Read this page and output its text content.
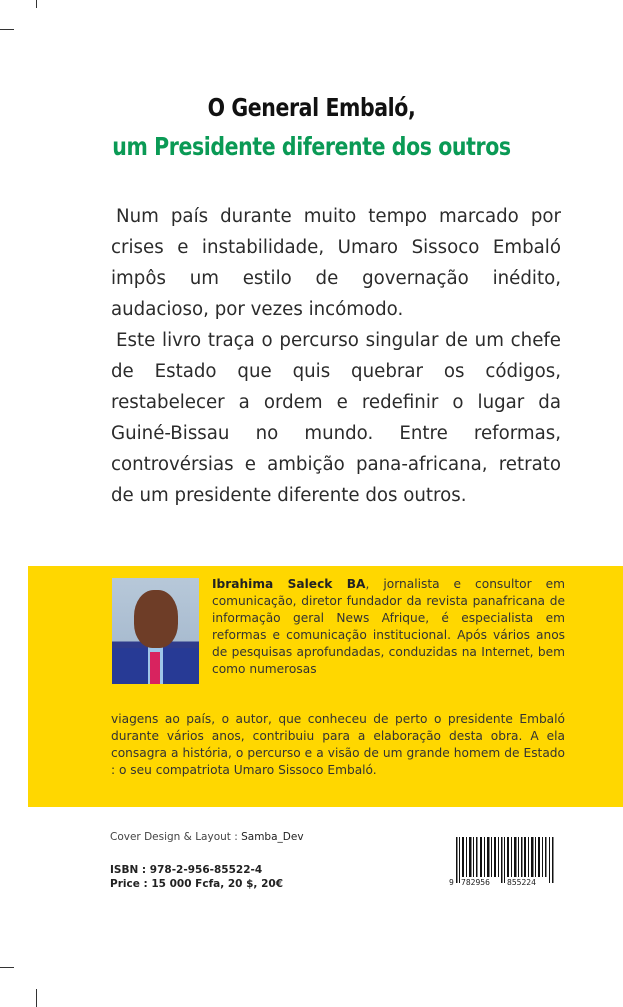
O General Embaló,
um Presidente diferente dos outros

Num país durante muito tempo marcado por crises e instabilidade, Umaro Sissoco Embaló impôs um estilo de governação inédito, audacioso, por vezes incómodo.

Este livro traça o percurso singular de um chefe de Estado que quis quebrar os códigos, restabelecer a ordem e redefinir o lugar da Guiné-Bissau no mundo. Entre reformas, controvérsias e ambição pana-africana, retrato de um presidente diferente dos outros.

Ibrahima Saleck BA, jornalista e consultor em comunicação, diretor fundador da revista panafricana de informação geral News Afrique, é especialista em reformas e comunicação institucional. Após vários anos de pesquisas aprofundadas, conduzidas na Internet, bem como numerosas
viagens ao país, o autor, que conheceu de perto o presidente Embaló durante vários anos, contribuiu para a elaboração desta obra. A ela consagra a história, o percurso e a visão de um grande homem de Estado : o seu compatriota Umaro Sissoco Embaló.
Cover Design & Layout : Samba_Dev
ISBN : 978-2-956-85522-4
Price : 15 000 Fcfa, 20 $, 20€	9 782956 855224
